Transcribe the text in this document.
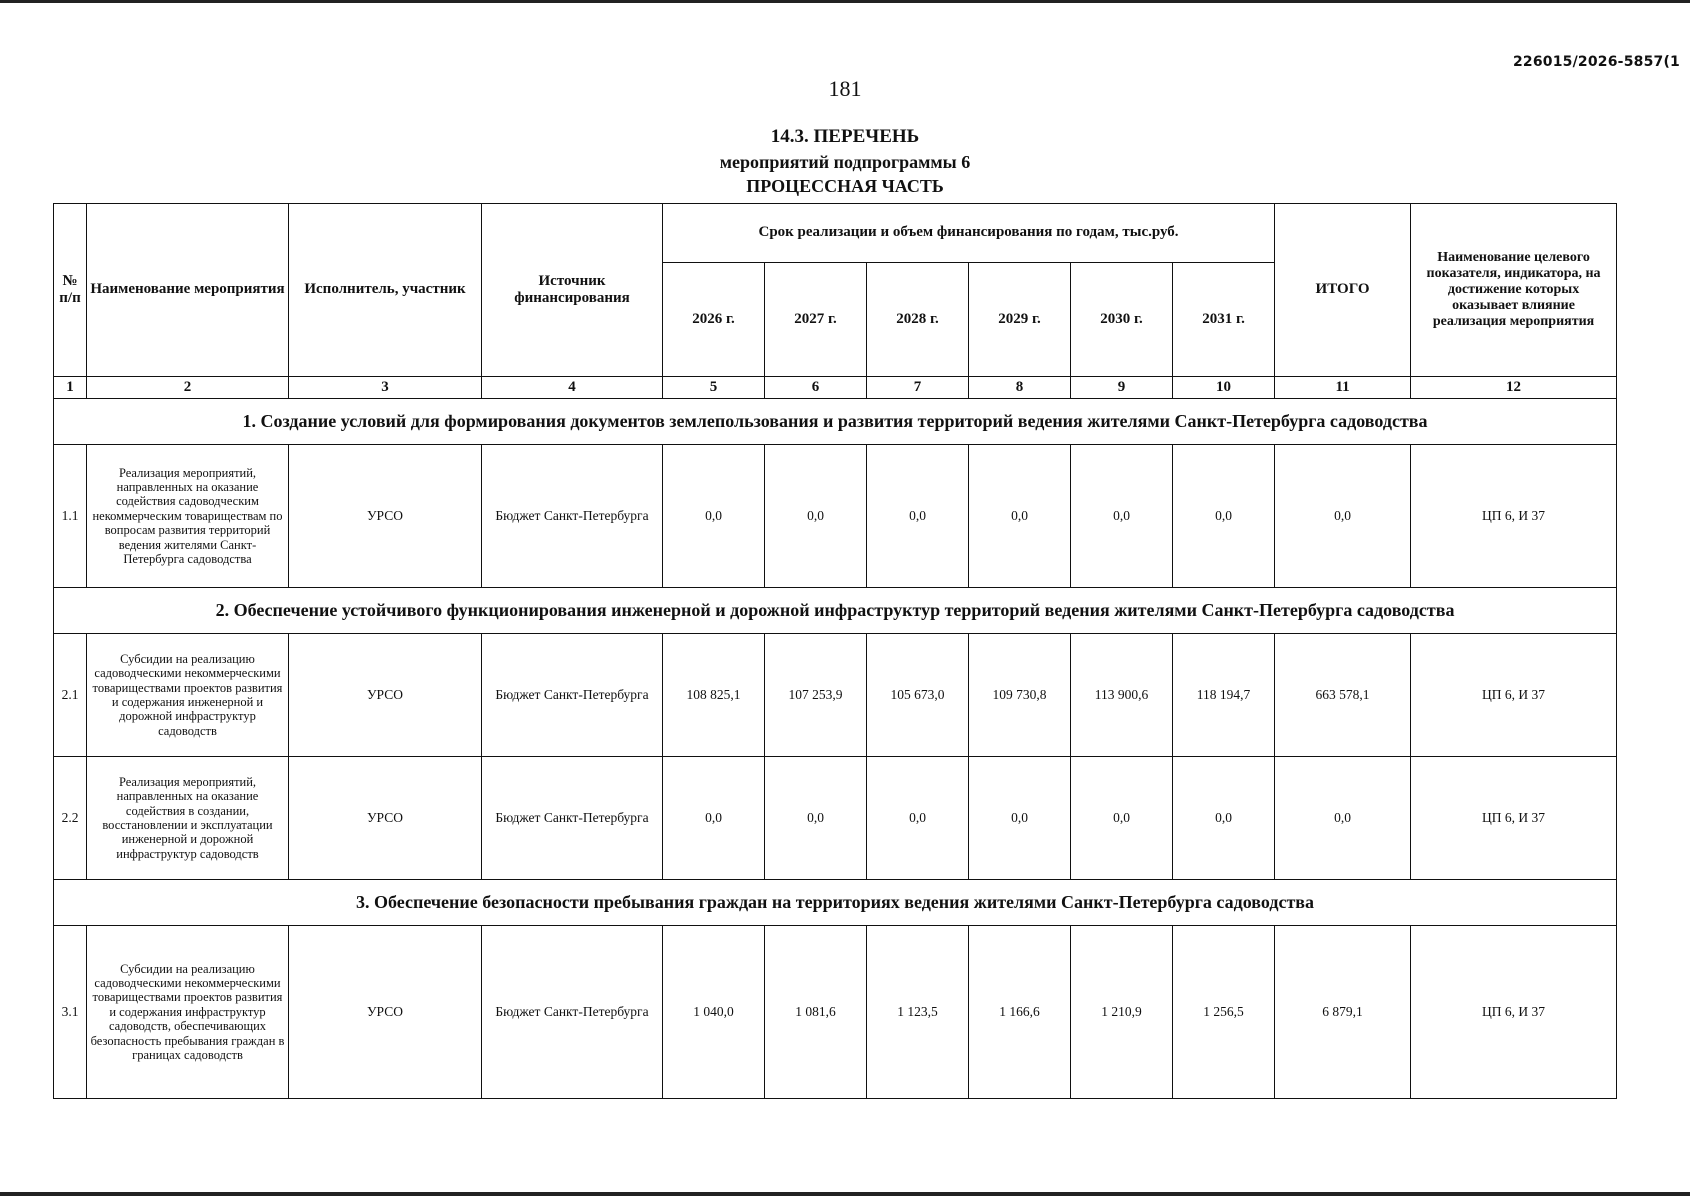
226015/2026-5857(1
181
14.3. ПЕРЕЧЕНЬ
мероприятий подпрограммы 6
ПРОЦЕССНАЯ ЧАСТЬ
№ п/п	Наименование мероприятия	Исполнитель, участник	Источник финансирования	Срок реализации и объем финансирования по годам, тыс.руб.						ИТОГО	Наименование целевого показателя, индикатора, на достижение которых оказывает влияние реализация мероприятия
				2026 г.	2027 г.	2028 г.	2029 г.	2030 г.	2031 г.		
1	2	3	4	5	6	7	8	9	10	11	12
1. Создание условий для формирования документов землепользования и развития территорий ведения жителями Санкт-Петербурга садоводства											
1.1	Реализация мероприятий, направленных на оказание содействия садоводческим некоммерческим товариществам по вопросам развития территорий ведения жителями Санкт-Петербурга садоводства	УРСО	Бюджет Санкт-Петербурга	0,0	0,0	0,0	0,0	0,0	0,0	0,0	ЦП 6, И 37
2. Обеспечение устойчивого функционирования инженерной и дорожной инфраструктур территорий ведения жителями Санкт-Петербурга садоводства											
2.1	Субсидии на реализацию садоводческими некоммерческими товариществами проектов развития и содержания инженерной и дорожной инфраструктур садоводств	УРСО	Бюджет Санкт-Петербурга	108 825,1	107 253,9	105 673,0	109 730,8	113 900,6	118 194,7	663 578,1	ЦП 6, И 37
2.2	Реализация мероприятий, направленных на оказание содействия в создании, восстановлении и эксплуатации инженерной и дорожной инфраструктур садоводств	УРСО	Бюджет Санкт-Петербурга	0,0	0,0	0,0	0,0	0,0	0,0	0,0	ЦП 6, И 37
3. Обеспечение безопасности пребывания граждан на территориях ведения жителями Санкт-Петербурга садоводства											
3.1	Субсидии на реализацию садоводческими некоммерческими товариществами проектов развития и содержания инфраструктур садоводств, обеспечивающих безопасность пребывания граждан в границах садоводств	УРСО	Бюджет Санкт-Петербурга	1 040,0	1 081,6	1 123,5	1 166,6	1 210,9	1 256,5	6 879,1	ЦП 6, И 37
